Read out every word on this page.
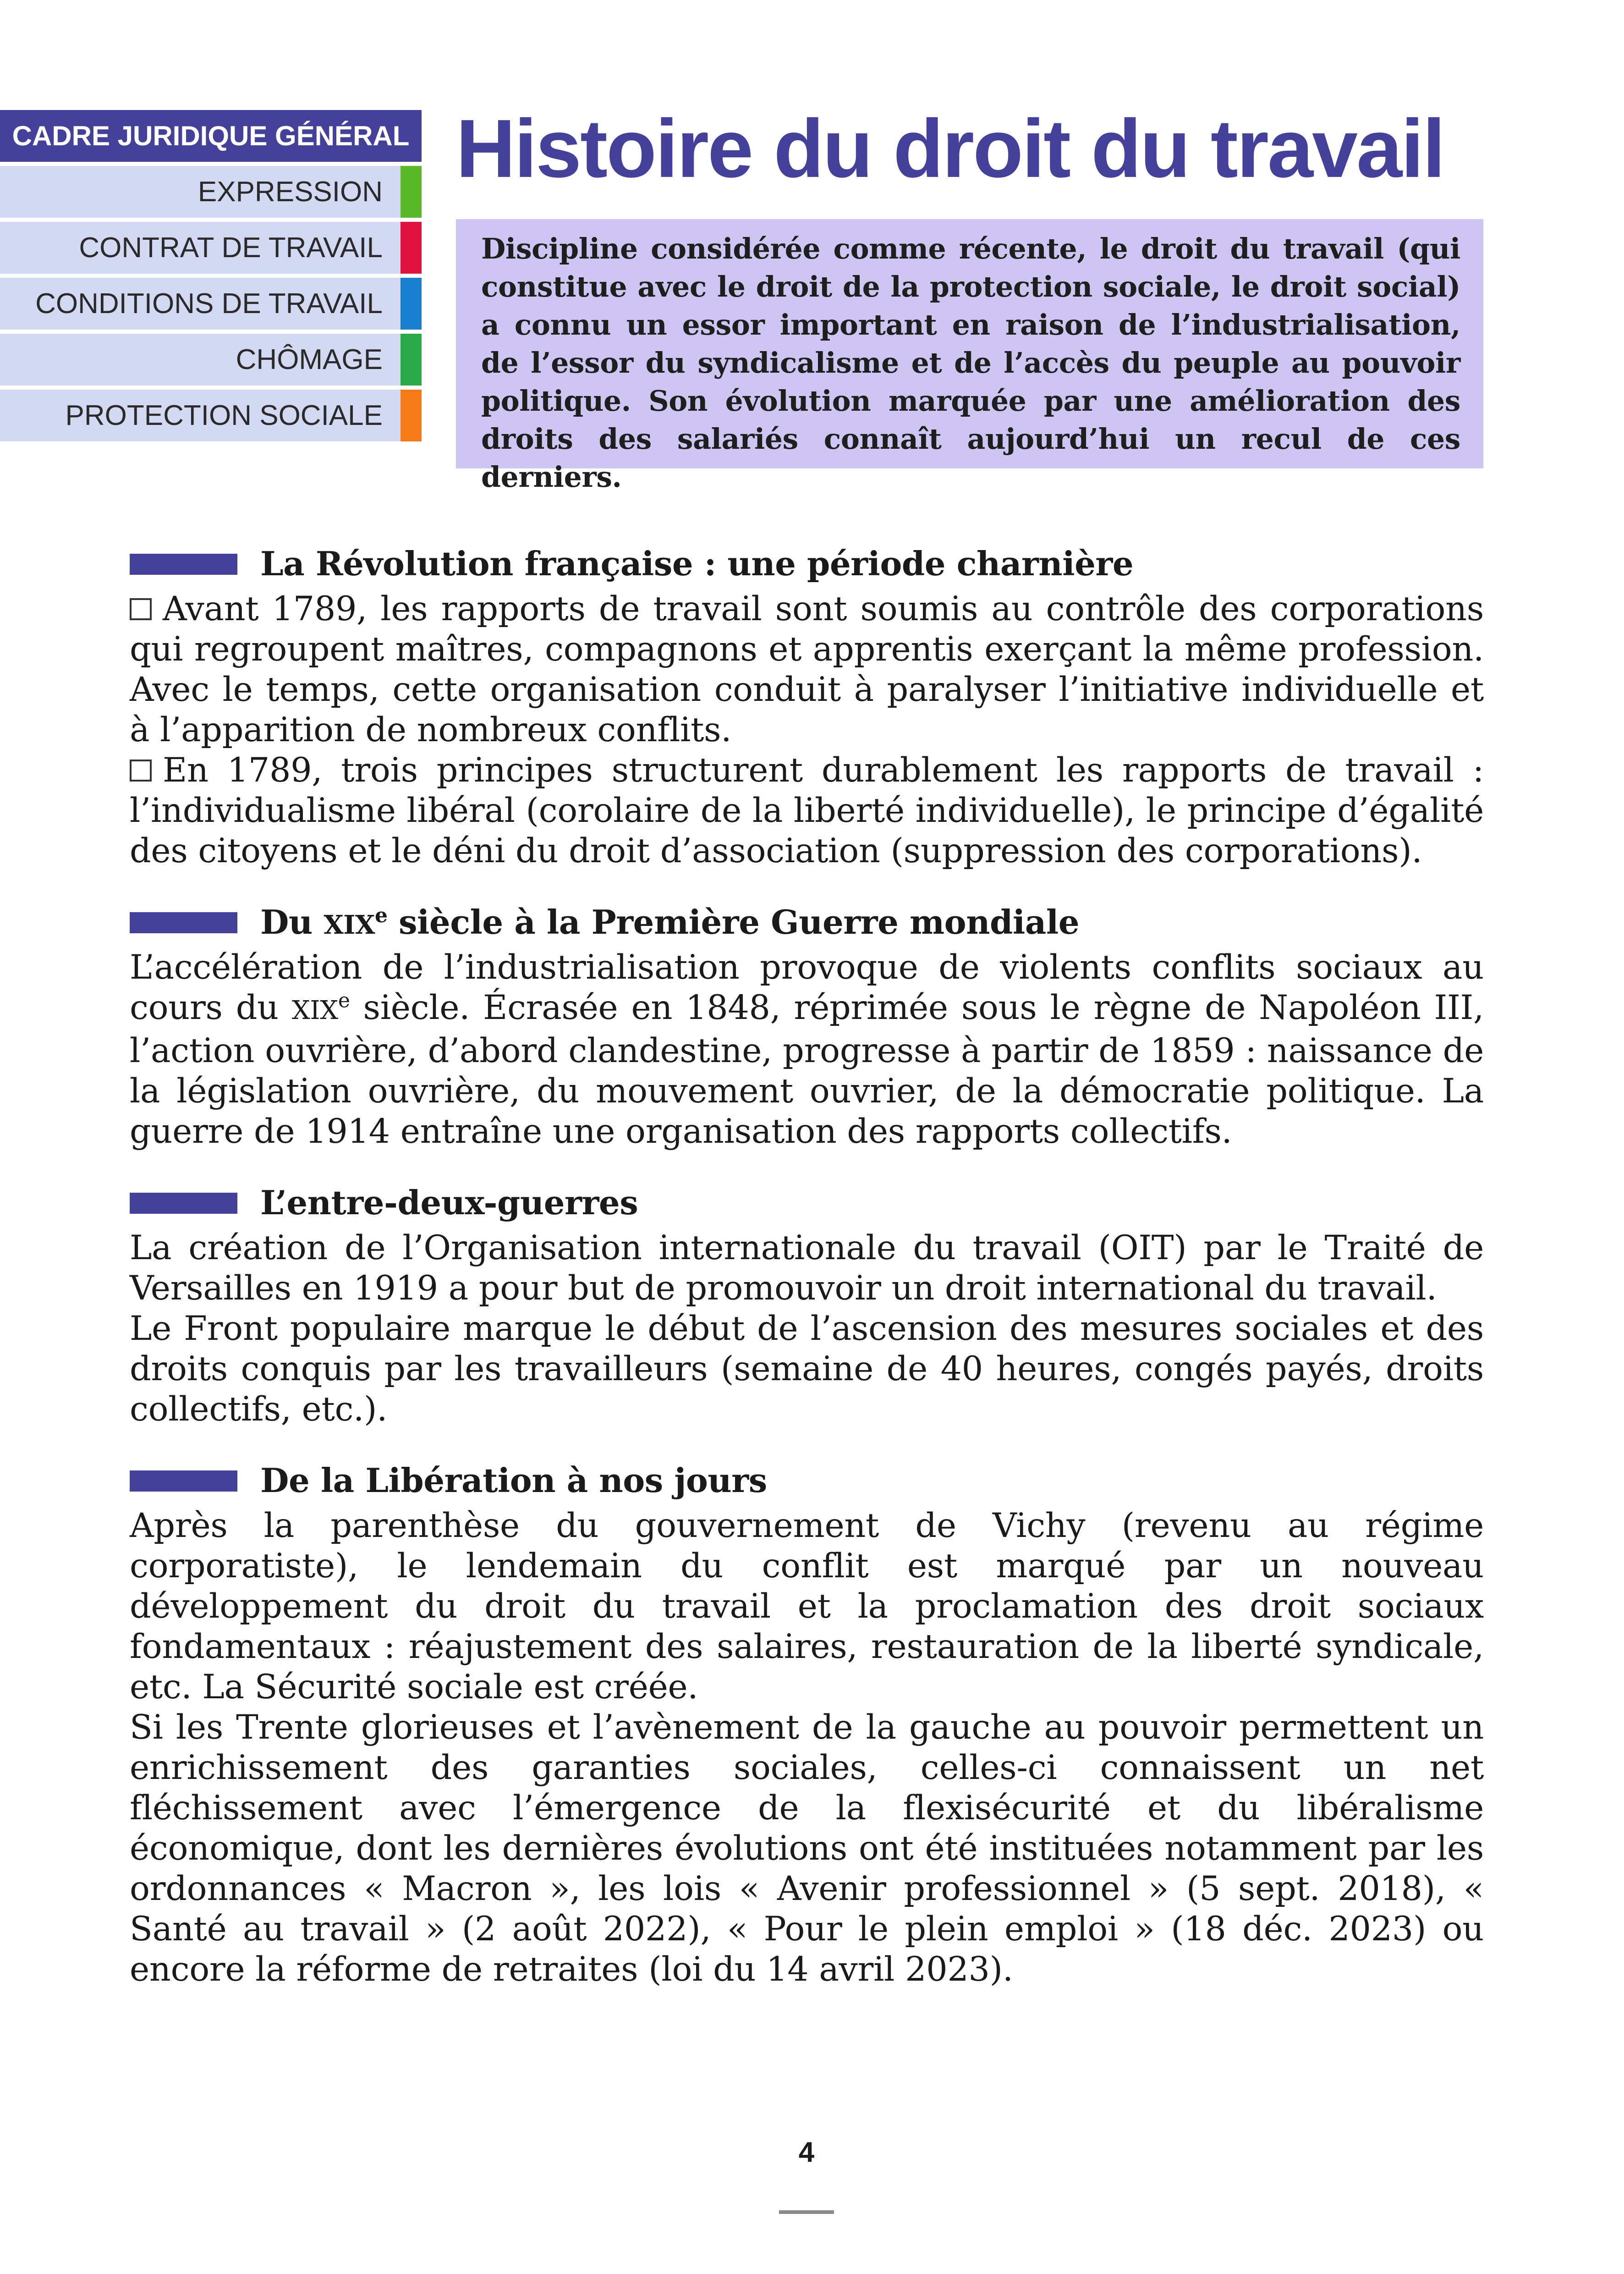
CADRE JURIDIQUE GÉNÉRAL
EXPRESSION
CONTRAT DE TRAVAIL
CONDITIONS DE TRAVAIL
CHÔMAGE
PROTECTION SOCIALE
Histoire du droit du travail
Discipline considérée comme récente, le droit du travail (qui constitue avec le droit de la protection sociale, le droit social) a connu un essor important en raison de l’industrialisation, de l’essor du syndicalisme et de l’accès du peuple au pouvoir politique. Son évolution marquée par une amélioration des droits des salariés connaît aujourd’hui un recul de ces derniers.
La Révolution française : une période charnière

Avant 1789, les rapports de travail sont soumis au contrôle des corporations qui regroupent maîtres, compagnons et apprentis exerçant la même profession. Avec le temps, cette organisation conduit à paralyser l’initiative individuelle et à l’apparition de nombreux conflits.

En 1789, trois principes structurent durablement les rapports de travail : l’individualisme libéral (corolaire de la liberté individuelle), le principe d’égalité des citoyens et le déni du droit d’association (suppression des corporations).

Du XIXe siècle à la Première Guerre mondiale

L’accélération de l’industrialisation provoque de violents conflits sociaux au cours du XIXe siècle. Écrasée en 1848, réprimée sous le règne de Napoléon III, l’action ouvrière, d’abord clandestine, progresse à partir de 1859 : naissance de la législation ouvrière, du mouvement ouvrier, de la démocratie politique. La guerre de 1914 entraîne une organisation des rapports collectifs.

L’entre-deux-guerres

La création de l’Organisation internationale du travail (OIT) par le Traité de Versailles en 1919 a pour but de promouvoir un droit international du travail.

Le Front populaire marque le début de l’ascension des mesures sociales et des droits conquis par les travailleurs (semaine de 40 heures, congés payés, droits collectifs, etc.).

De la Libération à nos jours

Après la parenthèse du gouvernement de Vichy (revenu au régime corporatiste), le lendemain du conflit est marqué par un nouveau développement du droit du travail et la proclamation des droit sociaux fondamentaux : réajustement des salaires, restauration de la liberté syndicale, etc. La Sécurité sociale est créée.

Si les Trente glorieuses et l’avènement de la gauche au pouvoir permettent un enrichissement des garanties sociales, celles-ci connaissent un net fléchissement avec l’émergence de la flexisécurité et du libéralisme économique, dont les dernières évolutions ont été instituées notamment par les ordonnances « Macron », les lois « Avenir professionnel » (5 sept. 2018), « Santé au travail » (2 août 2022), « Pour le plein emploi » (18 déc. 2023) ou encore la réforme de retraites (loi du 14 avril 2023).

4
